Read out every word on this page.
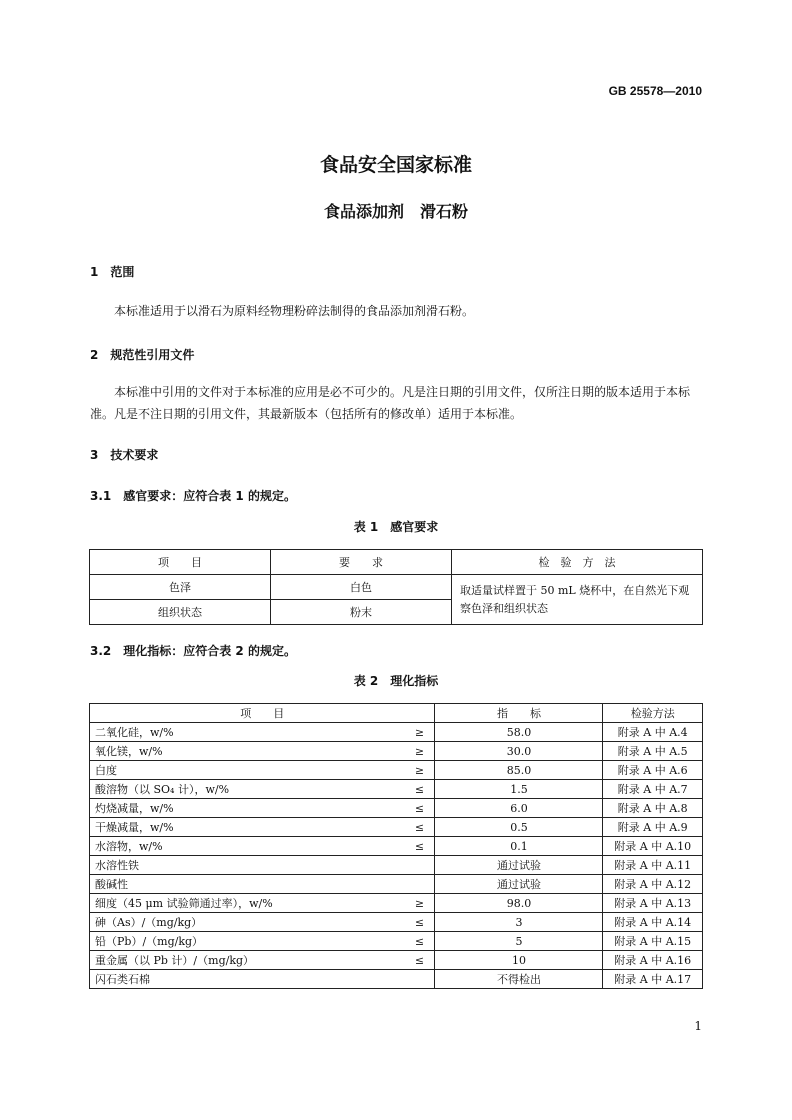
GB 25578—2010
食品安全国家标准
食品添加剂　滑石粉
1　范围
本标准适用于以滑石为原料经物理粉碎法制得的食品添加剂滑石粉。
2　规范性引用文件
本标准中引用的文件对于本标准的应用是必不可少的。凡是注日期的引用文件，仅所注日期的版本适用于本标准。凡是不注日期的引用文件，其最新版本（包括所有的修改单）适用于本标准。
3　技术要求
3.1　感官要求：应符合表 1 的规定。
表 1　感官要求
项　　目	要　　求	检　验　方　法
色泽	白色	取适量试样置于 50 mL 烧杯中，在自然光下观察色泽和组织状态
组织状态	粉末	
3.2　理化指标：应符合表 2 的规定。
表 2　理化指标
项　　目		指　　标	检验方法
二氧化硅，w/%	≥	58.0	附录 A 中 A.4
氧化镁，w/%	≥	30.0	附录 A 中 A.5
白度	≥	85.0	附录 A 中 A.6
酸溶物（以 SO₄ 计），w/%	≤	1.5	附录 A 中 A.7
灼烧减量，w/%	≤	6.0	附录 A 中 A.8
干燥减量，w/%	≤	0.5	附录 A 中 A.9
水溶物，w/%	≤	0.1	附录 A 中 A.10
水溶性铁		通过试验	附录 A 中 A.11
酸碱性		通过试验	附录 A 中 A.12
细度（45 μm 试验筛通过率），w/%	≥	98.0	附录 A 中 A.13
砷（As）/（mg/kg）	≤	3	附录 A 中 A.14
铅（Pb）/（mg/kg）	≤	5	附录 A 中 A.15
重金属（以 Pb 计）/（mg/kg）	≤	10	附录 A 中 A.16
闪石类石棉		不得检出	附录 A 中 A.17
1
